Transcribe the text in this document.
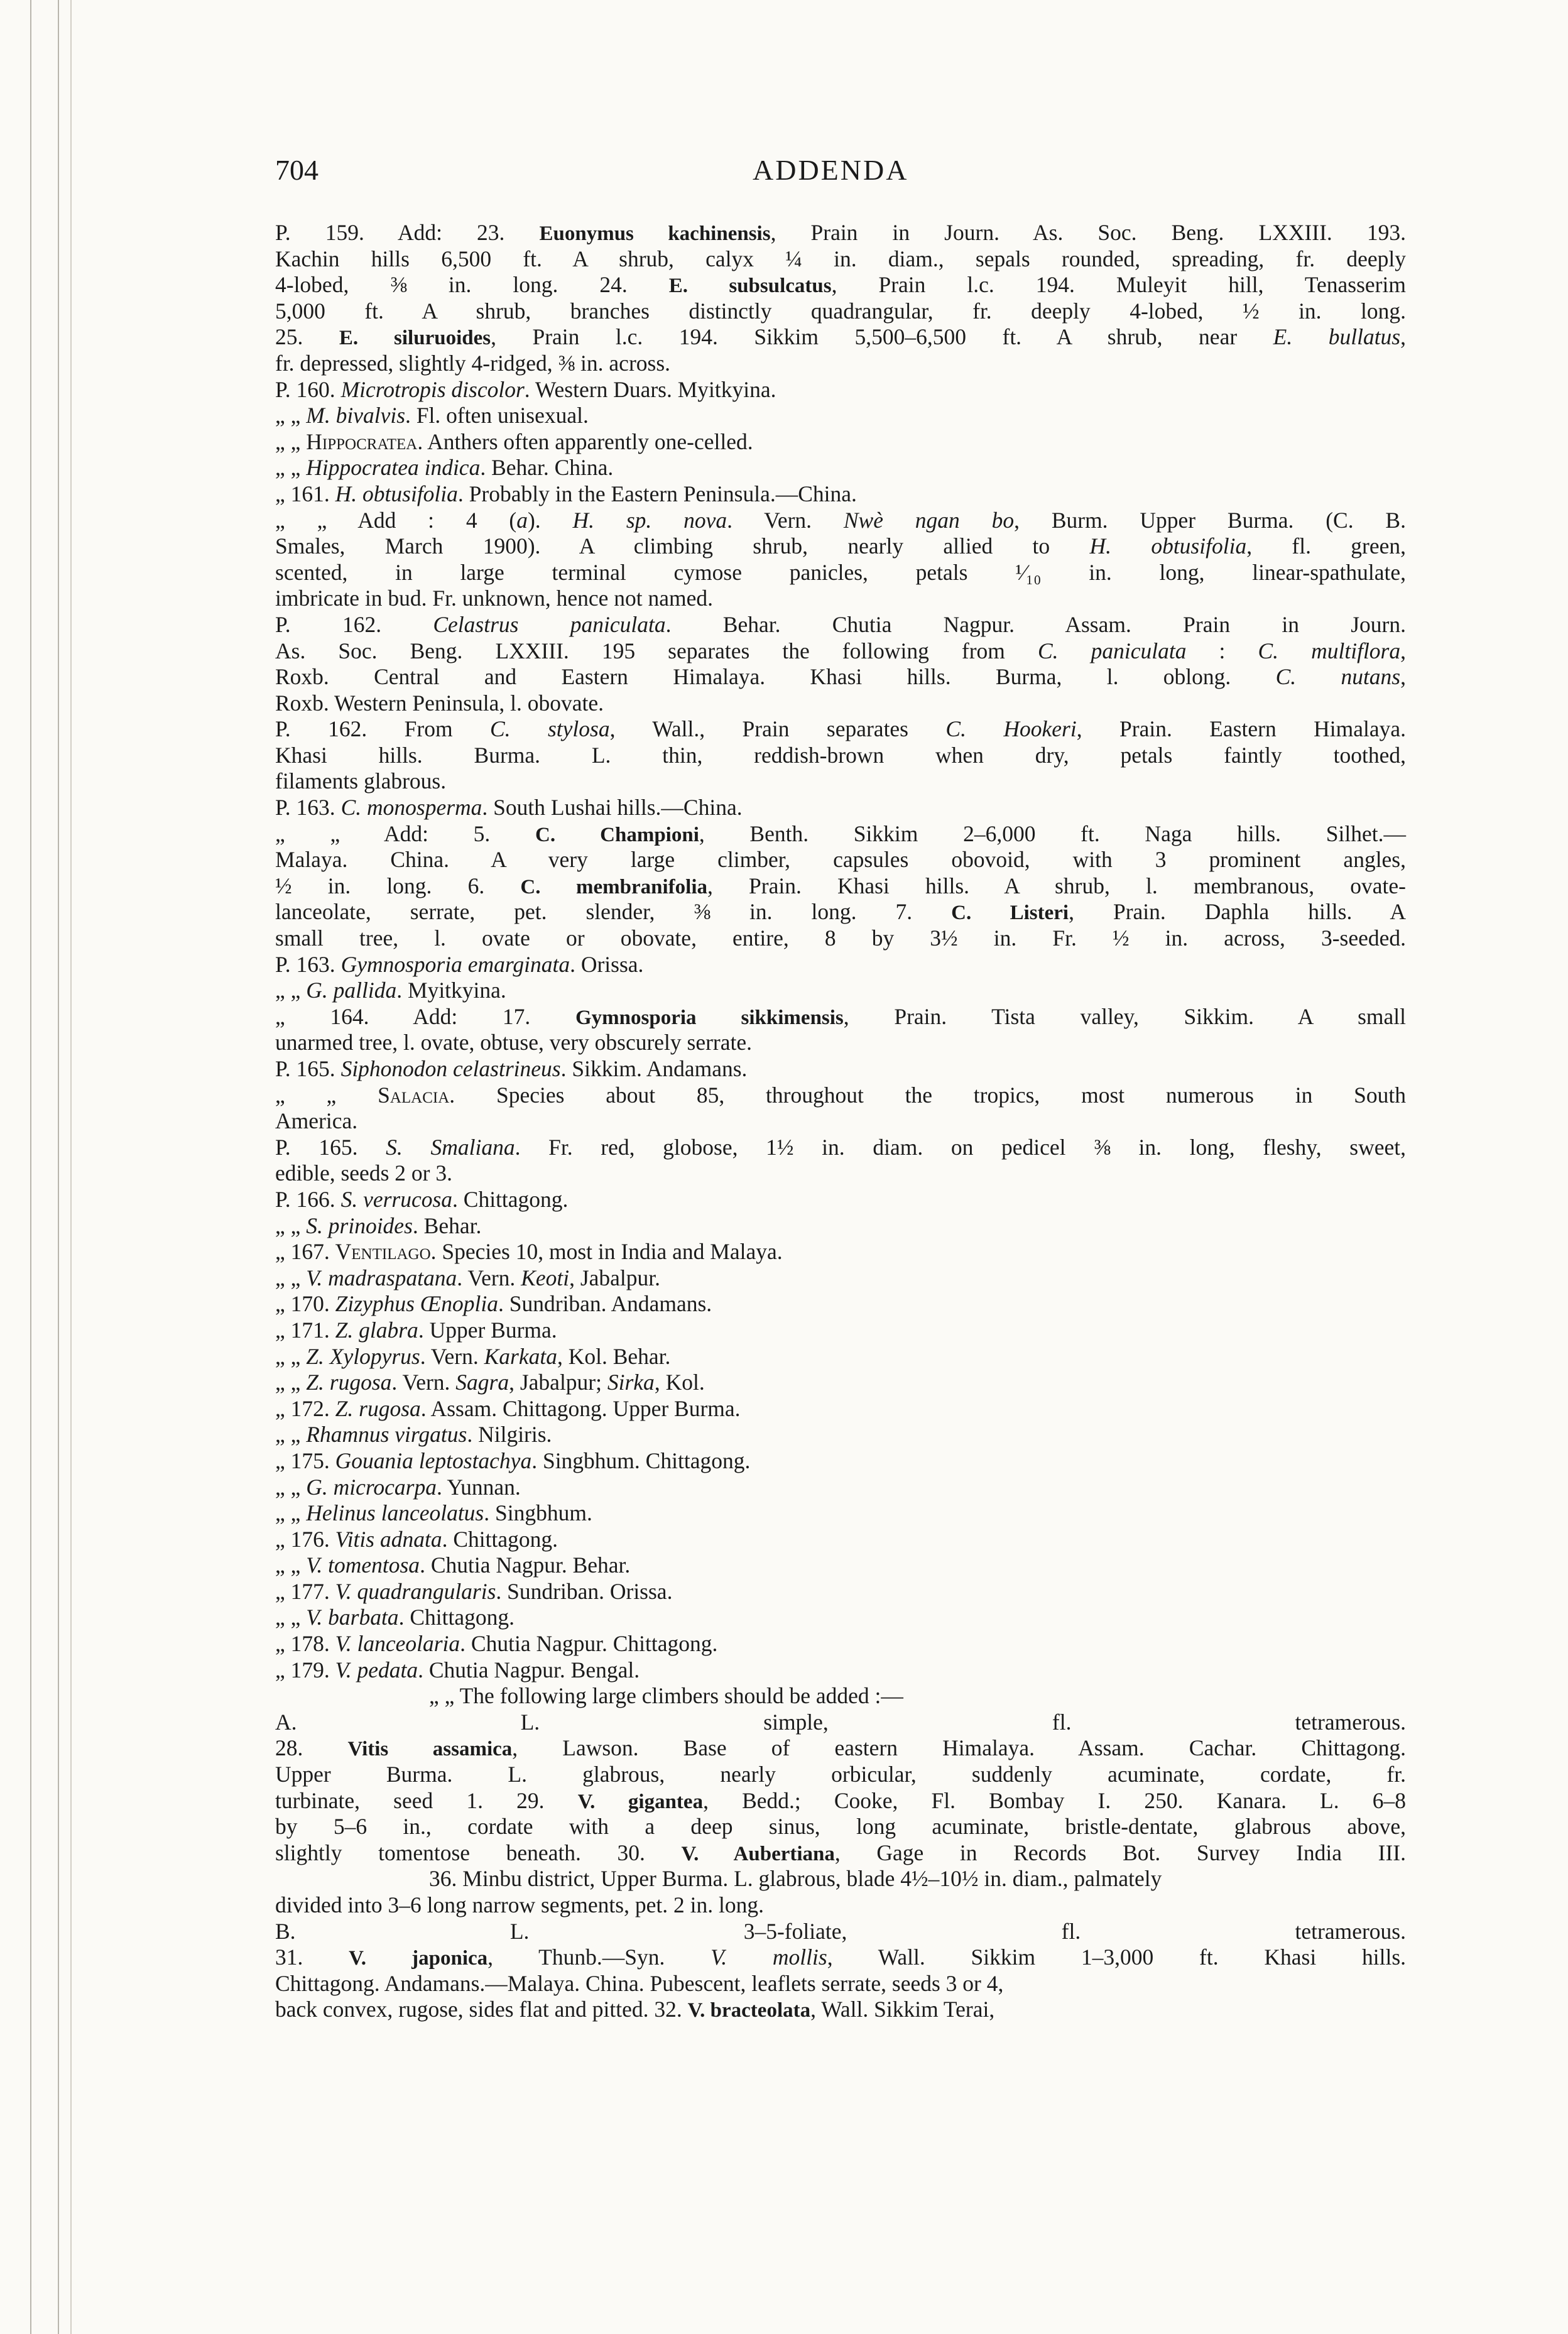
704	ADDENDA
P. 159. Add: 23. Euonymus kachinensis, Prain in Journ. As. Soc. Beng. LXXIII. 193.
Kachin hills 6,500 ft. A shrub, calyx ¼ in. diam., sepals rounded, spreading, fr. deeply
4-lobed, ⅜ in. long. 24. E. subsulcatus, Prain l.c. 194. Muleyit hill, Tenasserim
5,000 ft. A shrub, branches distinctly quadrangular, fr. deeply 4-lobed, ½ in. long.
25. E. siluruoides, Prain l.c. 194. Sikkim 5,500–6,500 ft. A shrub, near E. bullatus,
fr. depressed, slightly 4-ridged, ⅜ in. across.
P. 160. Microtropis discolor. Western Duars. Myitkyina.
„ „ M. bivalvis. Fl. often unisexual.
„ „ Hippocratea. Anthers often apparently one-celled.
„ „ Hippocratea indica. Behar. China.
„ 161. H. obtusifolia. Probably in the Eastern Peninsula.—China.
„ „ Add : 4 (a). H. sp. nova. Vern. Nwè ngan bo, Burm. Upper Burma. (C. B.
Smales, March 1900). A climbing shrub, nearly allied to H. obtusifolia, fl. green,
scented, in large terminal cymose panicles, petals ¹⁄₁₀ in. long, linear-spathulate,
imbricate in bud. Fr. unknown, hence not named.
P. 162. Celastrus paniculata. Behar. Chutia Nagpur. Assam. Prain in Journ.
As. Soc. Beng. LXXIII. 195 separates the following from C. paniculata : C. multiflora,
Roxb. Central and Eastern Himalaya. Khasi hills. Burma, l. oblong. C. nutans,
Roxb. Western Peninsula, l. obovate.
P. 162. From C. stylosa, Wall., Prain separates C. Hookeri, Prain. Eastern Himalaya.
Khasi hills. Burma. L. thin, reddish-brown when dry, petals faintly toothed,
filaments glabrous.
P. 163. C. monosperma. South Lushai hills.—China.
„ „ Add: 5. C. Championi, Benth. Sikkim 2–6,000 ft. Naga hills. Silhet.—
Malaya. China. A very large climber, capsules obovoid, with 3 prominent angles,
½ in. long. 6. C. membranifolia, Prain. Khasi hills. A shrub, l. membranous, ovate-
lanceolate, serrate, pet. slender, ⅜ in. long. 7. C. Listeri, Prain. Daphla hills. A
small tree, l. ovate or obovate, entire, 8 by 3½ in. Fr. ½ in. across, 3-seeded.
P. 163. Gymnosporia emarginata. Orissa.
„ „ G. pallida. Myitkyina.
„ 164. Add: 17. Gymnosporia sikkimensis, Prain. Tista valley, Sikkim. A small
unarmed tree, l. ovate, obtuse, very obscurely serrate.
P. 165. Siphonodon celastrineus. Sikkim. Andamans.
„ „ Salacia. Species about 85, throughout the tropics, most numerous in South
America.
P. 165. S. Smaliana. Fr. red, globose, 1½ in. diam. on pedicel ⅜ in. long, fleshy, sweet,
edible, seeds 2 or 3.
P. 166. S. verrucosa. Chittagong.
„ „ S. prinoides. Behar.
„ 167. Ventilago. Species 10, most in India and Malaya.
„ „ V. madraspatana. Vern. Keoti, Jabalpur.
„ 170. Zizyphus Œnoplia. Sundriban. Andamans.
„ 171. Z. glabra. Upper Burma.
„ „ Z. Xylopyrus. Vern. Karkata, Kol. Behar.
„ „ Z. rugosa. Vern. Sagra, Jabalpur; Sirka, Kol.
„ 172. Z. rugosa. Assam. Chittagong. Upper Burma.
„ „ Rhamnus virgatus. Nilgiris.
„ 175. Gouania leptostachya. Singbhum. Chittagong.
„ „ G. microcarpa. Yunnan.
„ „ Helinus lanceolatus. Singbhum.
„ 176. Vitis adnata. Chittagong.
„ „ V. tomentosa. Chutia Nagpur. Behar.
„ 177. V. quadrangularis. Sundriban. Orissa.
„ „ V. barbata. Chittagong.
„ 178. V. lanceolaria. Chutia Nagpur. Chittagong.
„ 179. V. pedata. Chutia Nagpur. Bengal.
„ „ The following large climbers should be added :—
A. L. simple, fl. tetramerous.
28. Vitis assamica, Lawson. Base of eastern Himalaya. Assam. Cachar. Chittagong.
Upper Burma. L. glabrous, nearly orbicular, suddenly acuminate, cordate, fr.
turbinate, seed 1. 29. V. gigantea, Bedd.; Cooke, Fl. Bombay I. 250. Kanara. L. 6–8
by 5–6 in., cordate with a deep sinus, long acuminate, bristle-dentate, glabrous above,
slightly tomentose beneath. 30. V. Aubertiana, Gage in Records Bot. Survey India III.
36. Minbu district, Upper Burma. L. glabrous, blade 4½–10½ in. diam., palmately
divided into 3–6 long narrow segments, pet. 2 in. long.
B. L. 3–5-foliate, fl. tetramerous.
31. V. japonica, Thunb.—Syn. V. mollis, Wall. Sikkim 1–3,000 ft. Khasi hills.
Chittagong. Andamans.—Malaya. China. Pubescent, leaflets serrate, seeds 3 or 4,
back convex, rugose, sides flat and pitted. 32. V. bracteolata, Wall. Sikkim Terai,
